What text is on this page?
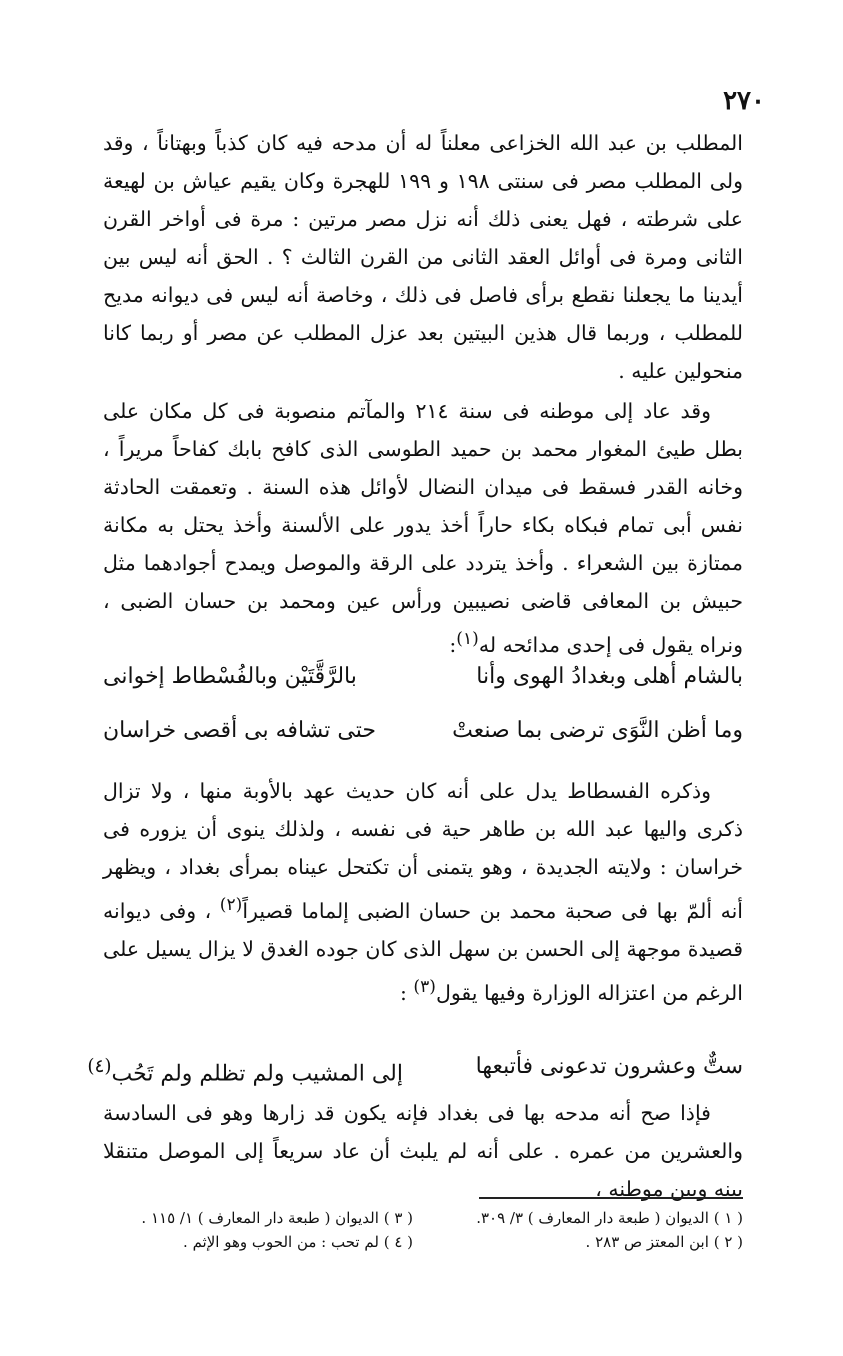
٢٧٠

المطلب بن عبد الله الخزاعى معلناً له أن مدحه فيه كان كذباً وبهتاناً ، وقد ولى المطلب مصر فى سنتى ١٩٨ و ١٩٩ للهجرة وكان يقيم عياش بن لهيعة على شرطته ، فهل يعنى ذلك أنه نزل مصر مرتين : مرة فى أواخر القرن الثانى ومرة فى أوائل العقد الثانى من القرن الثالث ؟ . الحق أنه ليس بين أيدينا ما يجعلنا نقطع برأى فاصل فى ذلك ، وخاصة أنه ليس فى ديوانه مديح للمطلب ، وربما قال هذين البيتين بعد عزل المطلب عن مصر أو ربما كانا منحولين عليه .

وقد عاد إلى موطنه فى سنة ٢١٤ والمآتم منصوبة فى كل مكان على بطل طيئ المغوار محمد بن حميد الطوسى الذى كافح بابك كفاحاً مريراً ، وخانه القدر فسقط فى ميدان النضال لأوائل هذه السنة . وتعمقت الحادثة نفس أبى تمام فبكاه بكاء حاراً أخذ يدور على الألسنة وأخذ يحتل به مكانة ممتازة بين الشعراء . وأخذ يتردد على الرقة والموصل ويمدح أجوادهما مثل حبيش بن المعافى قاضى نصيبين ورأس عين ومحمد بن حسان الضبى ، ونراه يقول فى إحدى مدائحه له$^{(١)}$:

بالشام أهلى وبغدادُ الهوى وأنا
بالرَّقَّتَيْن وبالفُسْطاط إخوانى
وما أظن النَّوَى ترضى بما صنعتْ
حتى تشافه بى أقصى خراسان

وذكره الفسطاط يدل على أنه كان حديث عهد بالأوبة منها ، ولا تزال ذكرى واليها عبد الله بن طاهر حية فى نفسه ، ولذلك ينوى أن يزوره فى خراسان : ولايته الجديدة ، وهو يتمنى أن تكتحل عيناه بمرأى بغداد ، ويظهر أنه ألمّ بها فى صحبة محمد بن حسان الضبى إلماما قصيراً$^{(٢)}$ ، وفى ديوانه قصيدة موجهة إلى الحسن بن سهل الذى كان جوده الغدق لا يزال يسيل على الرغم من اعتزاله الوزارة وفيها يقول$^{(٣)}$ :

ستٌّ وعشرون تدعونى فأتبعها
إلى المشيب ولم تظلم ولم تَحُب$^{(٤)}$

فإذا صح أنه مدحه بها فى بغداد فإنه يكون قد زارها وهو فى السادسة والعشرين من عمره . على أنه لم يلبث أن عاد سريعاً إلى الموصل متنقلا بينه وبين موطنه ،

( ١ ) الديوان ( طبعة دار المعارف ) ٣/ ٣٠٩.
( ٣ ) الديوان ( طبعة دار المعارف ) ١/ ١١٥ .
( ٢ ) ابن المعتز ص ٢٨٣ .
( ٤ ) لم تحب : من الحوب وهو الإثم .
